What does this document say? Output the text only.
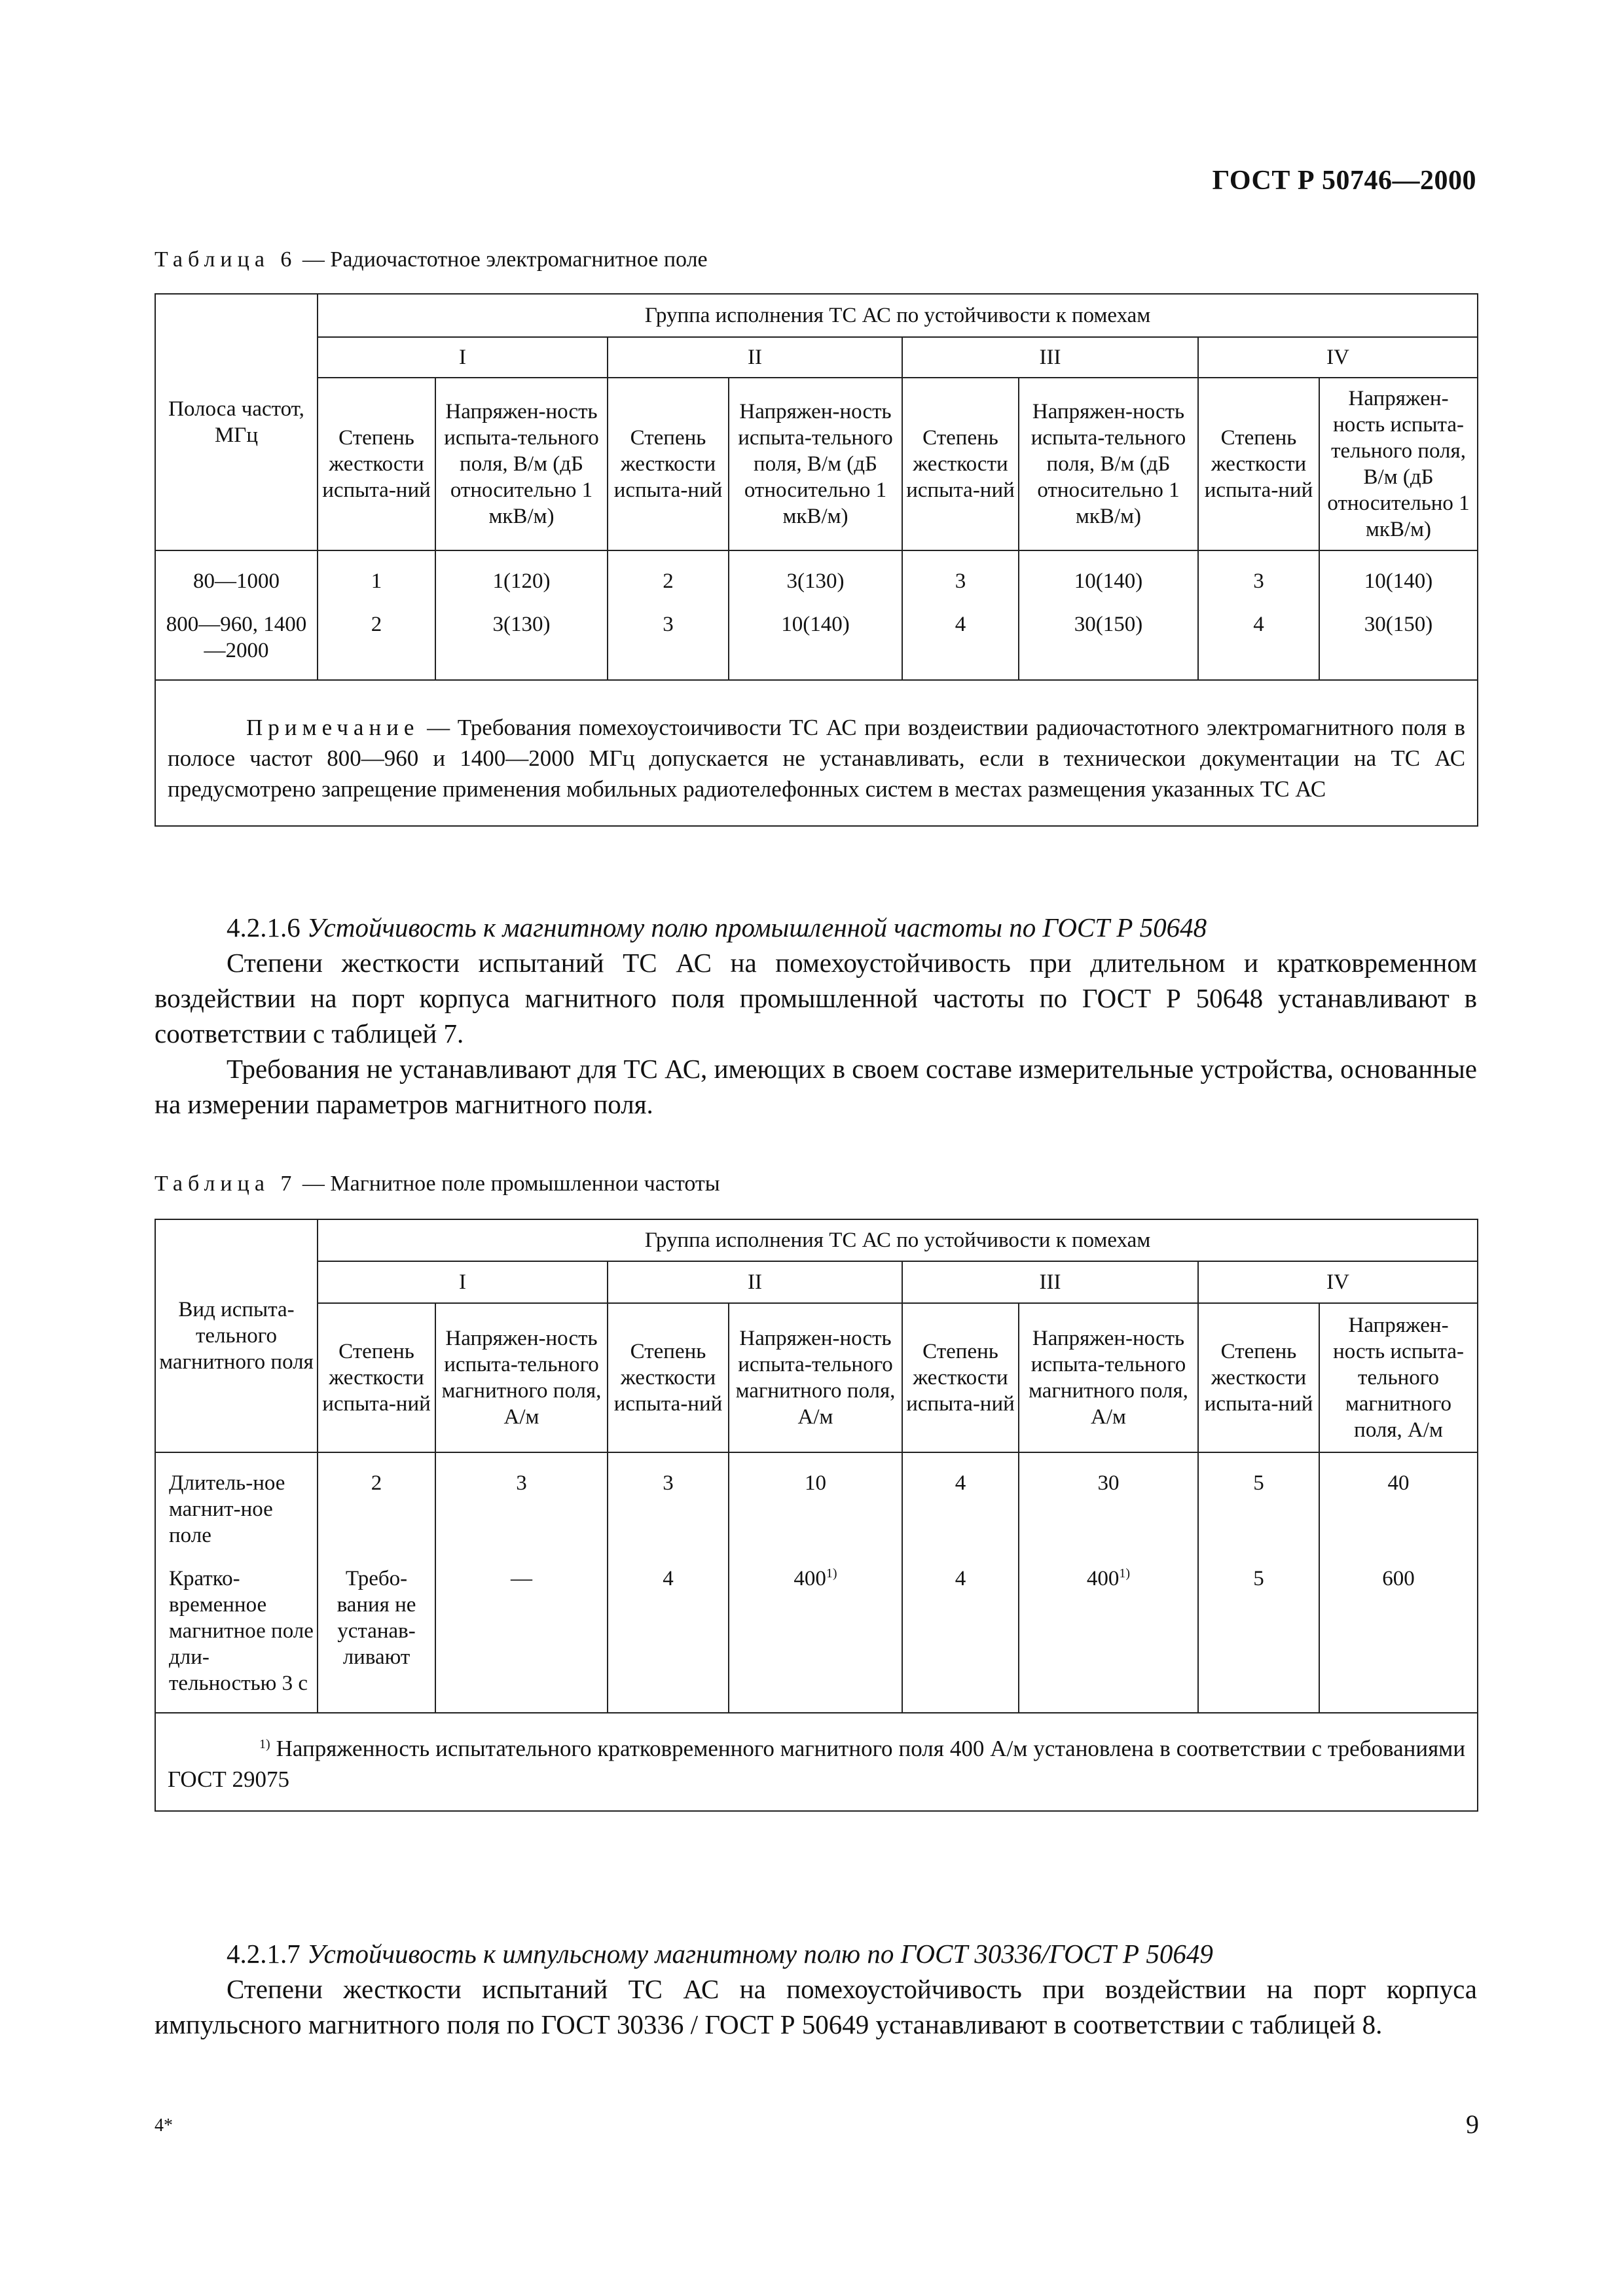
ГОСТ Р 50746—2000
Таблица 6 — Радиочастотное электромагнитное поле
Полоса частот, МГц	Группа исполнения ТС АС по устойчивости к помехам							
	I		II		III		IV	
	Степень жесткости испыта-ний	Напряжен-ность испыта-тельного поля, В/м (дБ относительно 1 мкВ/м)	Степень жесткости испыта-ний	Напряжен-ность испыта-тельного поля, В/м (дБ относительно 1 мкВ/м)	Степень жесткости испыта-ний	Напряжен-ность испыта-тельного поля, В/м (дБ относительно 1 мкВ/м)	Степень жесткости испыта-ний	Напряжен-ность испыта-тельного поля, В/м (дБ относительно 1 мкВ/м)
80—1000	1	1(120)	2	3(130)	3	10(140)	3	10(140)
800—960, 1400—2000	2	3(130)	3	10(140)	4	30(150)	4	30(150)
Примечание — Требования помехоустоичивости ТС АС при воздеиствии радиочастотного электромагнитного поля в полосе частот 800—960 и 1400—2000 МГц допускается не устанавливать, если в техническои документации на ТС АС предусмотрено запрещение применения мобильных радиотелефонных систем в местах размещения указанных ТС АС								
4.2.1.6 Устойчивость к магнитному полю промышленной частоты по ГОСТ Р 50648
Степени жесткости испытаний ТС АС на помехоустойчивость при длительном и кратковременном воздействии на порт корпуса магнитного поля промышленной частоты по ГОСТ Р 50648 устанавливают в соответствии с таблицей 7.
Требования не устанавливают для ТС АС, имеющих в своем составе измерительные устройства, основанные на измерении параметров магнитного поля.
Таблица 7 — Магнитное поле промышленнои частоты
Вид испыта-тельного магнитного поля	Группа исполнения ТС АС по устойчивости к помехам							
	I		II		III		IV	
	Степень жесткости испыта-ний	Напряжен-ность испыта-тельного магнитного поля, А/м	Степень жесткости испыта-ний	Напряжен-ность испыта-тельного магнитного поля, А/м	Степень жесткости испыта-ний	Напряжен-ность испыта-тельного магнитного поля, А/м	Степень жесткости испыта-ний	Напряжен-ность испыта-тельного магнитного поля, А/м
Длитель-ное магнит-ное поле	2	3	3	10	4	30	5	40
Кратко-временное магнитное поле дли-тельностью 3 с	Требо-вания не устанав-ливают	—	4	400$^{1)}$	4	400$^{1)}$	5	600
$^{1)}$ Напряженность испытательного кратковременного магнитного поля 400 А/м установлена в соответствии с требованиями ГОСТ 29075								
4.2.1.7 Устойчивость к импульсному магнитному полю по ГОСТ 30336/ГОСТ Р 50649
Степени жесткости испытаний ТС АС на помехоустойчивость при воздействии на порт корпуса импульсного магнитного поля по ГОСТ 30336 / ГОСТ Р 50649 устанавливают в соответствии с таблицей 8.
4*	9
